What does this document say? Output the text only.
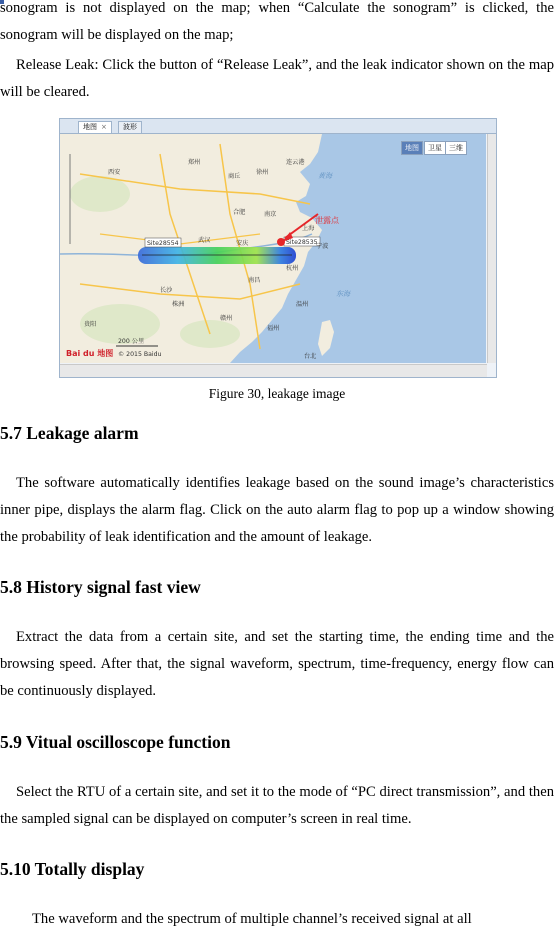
sonogram is not displayed on the map; when “Calculate the sonogram” is clicked, the sonogram will be displayed on the map;

Release Leak: Click the button of “Release Leak”, and the leak indicator shown on the map will be cleared.

地图 ×	波形
Site28554	Site28535
泄露点
黄海
东海
郑州
合肥	南京
上海
武汉	安庆
杭州
南昌
长沙
福州
贵阳
台北
西安
商丘
徐州
连云港
温州
宁波
赣州
株洲
200 公里
© 2015 Baidu
Bai du 地图
地图	卫星	三维
Figure 30, leakage image
5.7 Leakage alarm

The software automatically identifies leakage based on the sound image’s characteristics inner pipe, displays the alarm flag. Click on the auto alarm flag to pop up a window showing the probability of leak identification and the amount of leakage.

5.8 History signal fast view

Extract the data from a certain site, and set the starting time, the ending time and the browsing speed. After that, the signal waveform, spectrum, time-frequency, energy flow can be continuously displayed.

5.9 Vitual oscilloscope function

Select the RTU of a certain site, and set it to the mode of “PC direct transmission”, and then the sampled signal can be displayed on computer’s screen in real time.

5.10 Totally display

The waveform and the spectrum of multiple channel’s received signal at all
